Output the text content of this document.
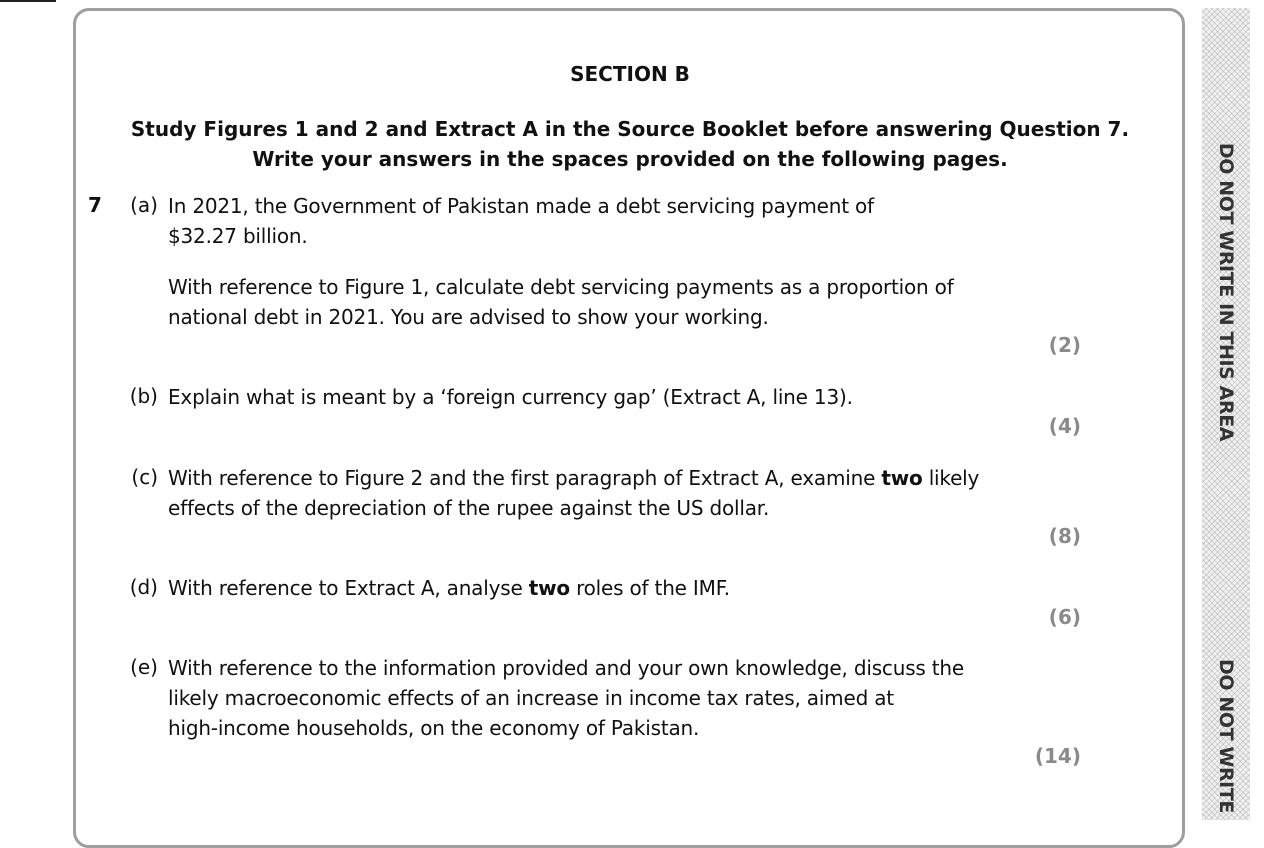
DO NOT WRITE IN THIS AREA
DO NOT WRITE
SECTION B
Study Figures 1 and 2 and Extract A in the Source Booklet before answering Question 7.
Write your answers in the spaces provided on the following pages.
7	(a) In 2021, the Government of Pakistan made a debt servicing payment of
$32.27 billion.
With reference to Figure 1, calculate debt servicing payments as a proportion of
national debt in 2021. You are advised to show your working.
(2)
(b) Explain what is meant by a ‘foreign currency gap’ (Extract A, line 13).
(4)
(c) With reference to Figure 2 and the first paragraph of Extract A, examine two likely
effects of the depreciation of the rupee against the US dollar.
(8)
(d) With reference to Extract A, analyse two roles of the IMF.
(6)
(e) With reference to the information provided and your own knowledge, discuss the
likely macroeconomic effects of an increase in income tax rates, aimed at
high-income households, on the economy of Pakistan.
(14)
